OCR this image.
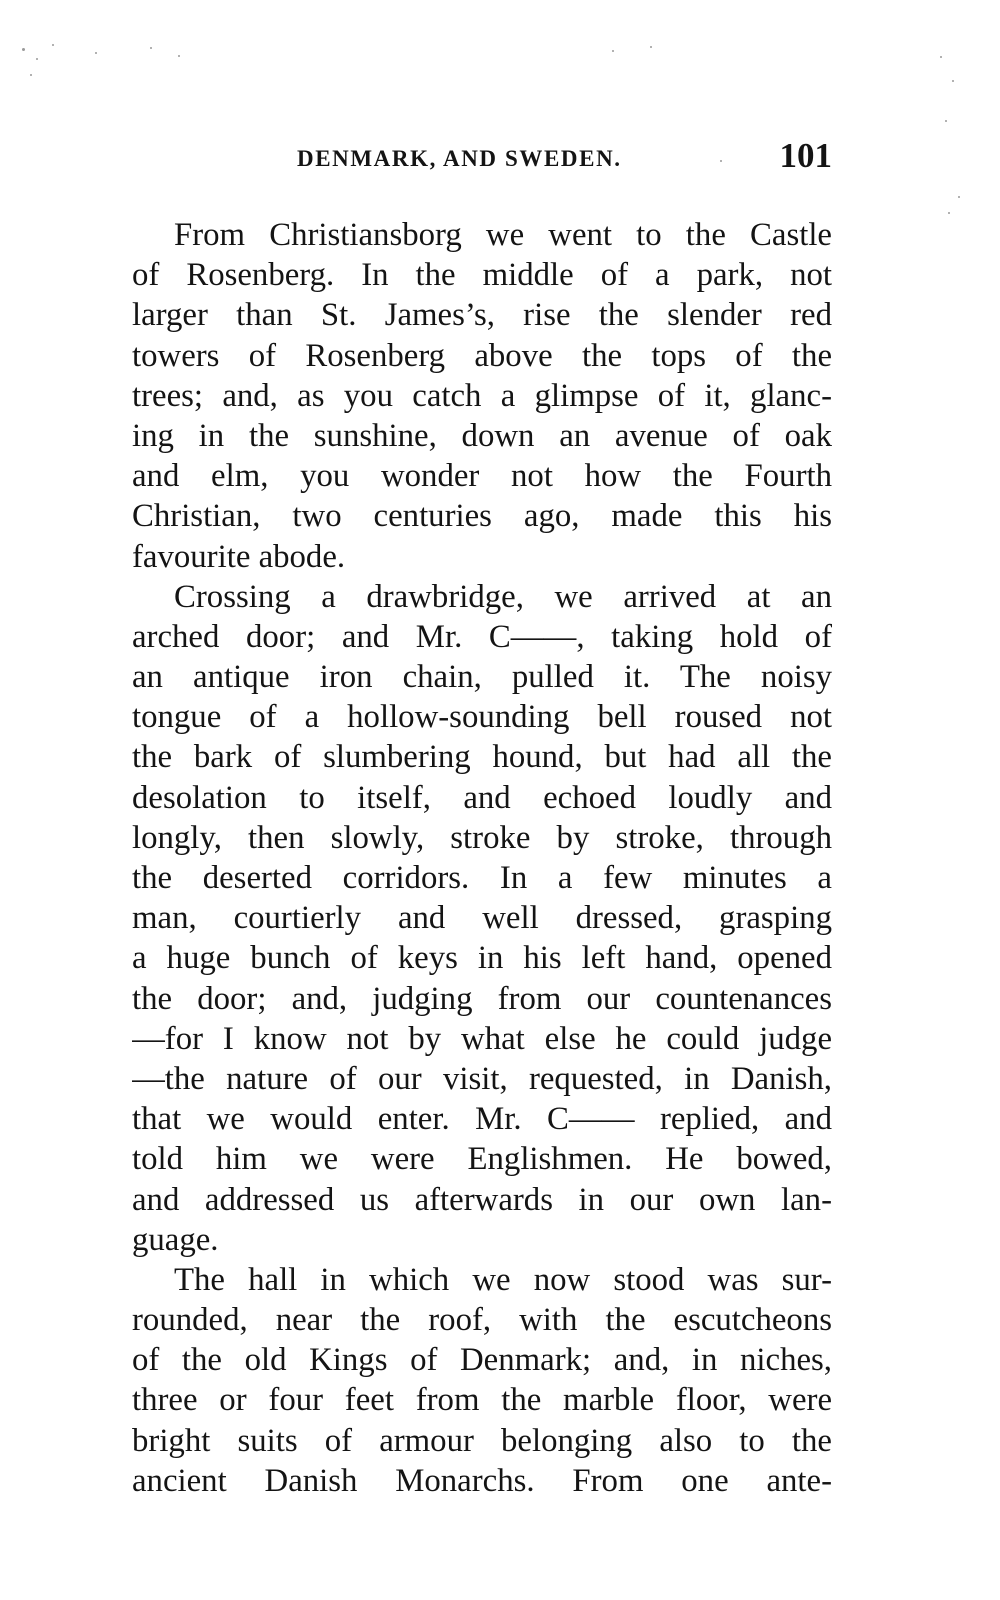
DENMARK, AND SWEDEN.	101
From Christiansborg we went to the Castle
of Rosenberg. In the middle of a park, not
larger than St. James’s, rise the slender red
towers of Rosenberg above the tops of the
trees; and, as you catch a glimpse of it, glanc-
ing in the sunshine, down an avenue of oak
and elm, you wonder not how the Fourth
Christian, two centuries ago, made this his
favourite abode.
Crossing a drawbridge, we arrived at an
arched door; and Mr. C——, taking hold of
an antique iron chain, pulled it. The noisy
tongue of a hollow-sounding bell roused not
the bark of slumbering hound, but had all the
desolation to itself, and echoed loudly and
longly, then slowly, stroke by stroke, through
the deserted corridors. In a few minutes a
man, courtierly and well dressed, grasping
a huge bunch of keys in his left hand, opened
the door; and, judging from our countenances
—for I know not by what else he could judge
—the nature of our visit, requested, in Danish,
that we would enter. Mr. C—— replied, and
told him we were Englishmen. He bowed,
and addressed us afterwards in our own lan-
guage.
The hall in which we now stood was sur-
rounded, near the roof, with the escutcheons
of the old Kings of Denmark; and, in niches,
three or four feet from the marble floor, were
bright suits of armour belonging also to the
ancient Danish Monarchs. From one ante-
